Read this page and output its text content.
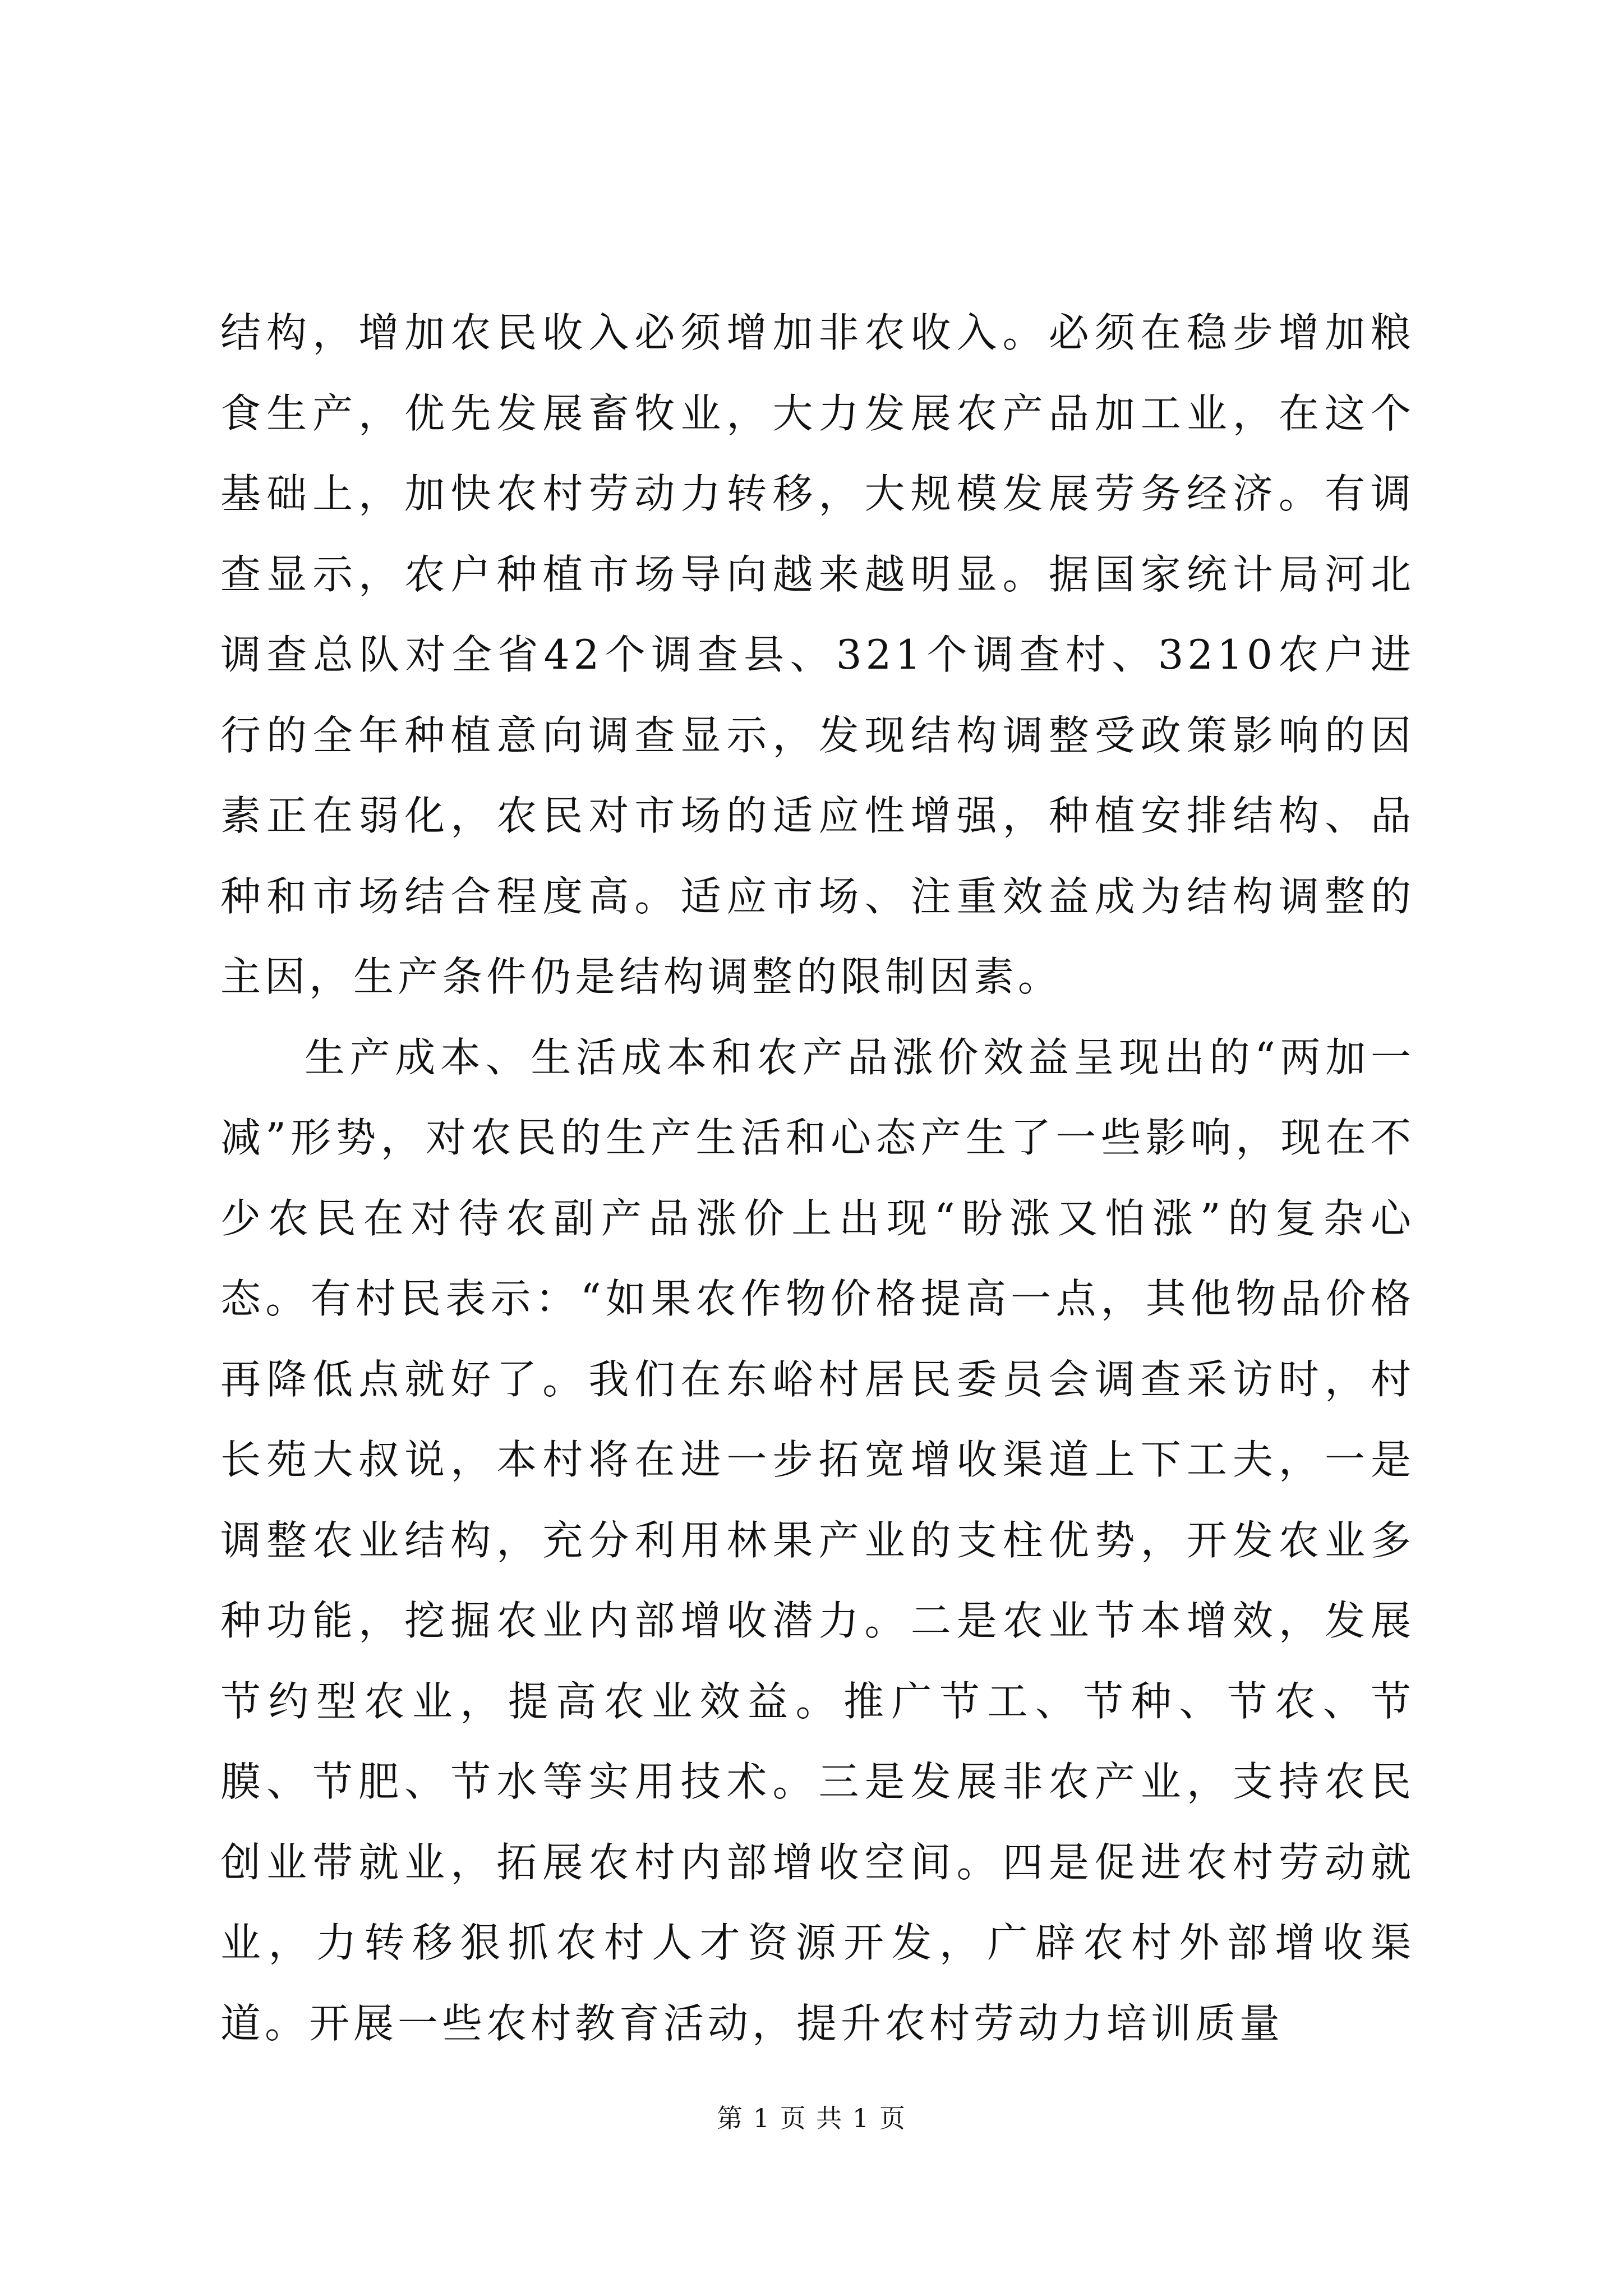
结构，增加农民收入必须增加非农收入。必须在稳步增加粮食生产，优先发展畜牧业，大力发展农产品加工业，在这个基础上，加快农村劳动力转移，大规模发展劳务经济。有调查显示，农户种植市场导向越来越明显。据国家统计局河北调查总队对全省42个调查县、321个调查村、3210农户进行的全年种植意向调查显示，发现结构调整受政策影响的因素正在弱化，农民对市场的适应性增强，种植安排结构、品种和市场结合程度高。适应市场、注重效益成为结构调整的主因，生产条件仍是结构调整的限制因素。

生产成本、生活成本和农产品涨价效益呈现出的“两加一减”形势，对农民的生产生活和心态产生了一些影响，现在不少农民在对待农副产品涨价上出现“盼涨又怕涨”的复杂心态。有村民表示：“如果农作物价格提高一点，其他物品价格再降低点就好了。我们在东峪村居民委员会调查采访时，村长苑大叔说，本村将在进一步拓宽增收渠道上下工夫，一是调整农业结构，充分利用林果产业的支柱优势，开发农业多种功能，挖掘农业内部增收潜力。二是农业节本增效，发展节约型农业，提高农业效益。推广节工、节种、节农、节膜、节肥、节水等实用技术。三是发展非农产业，支持农民创业带就业，拓展农村内部增收空间。四是促进农村劳动就业，力转移狠抓农村人才资源开发，广辟农村外部增收渠道。开展一些农村教育活动，提升农村劳动力培训质量

第 1 页 共 1 页
